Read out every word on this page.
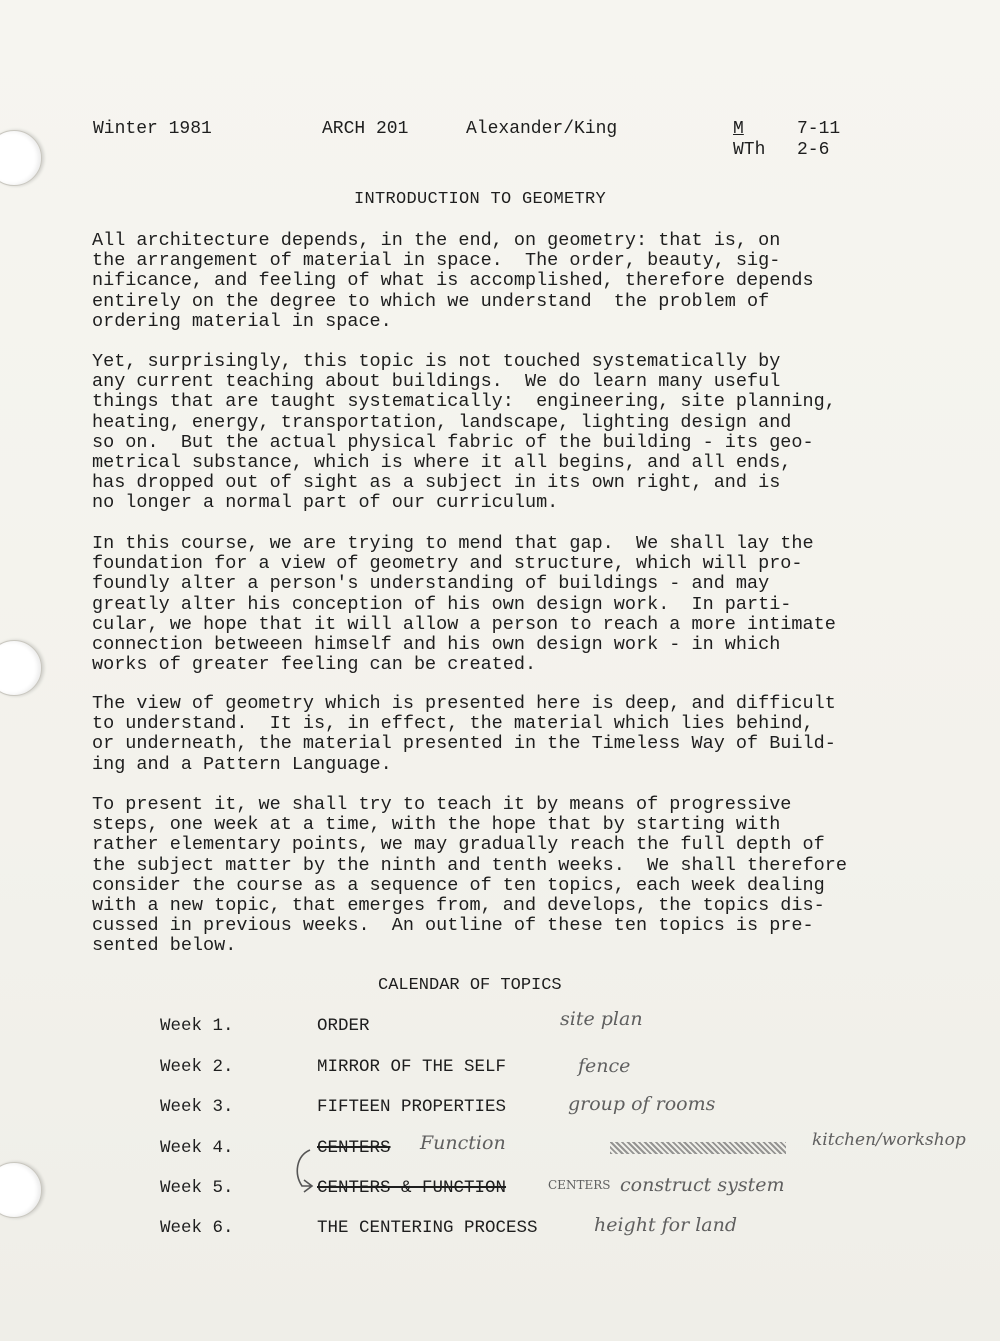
Winter 1981	ARCH 201	Alexander/King	M	7-11
WTh 2-6
INTRODUCTION TO GEOMETRY

All architecture depends, in the end, on geometry: that is, on
the arrangement of material in space.  The order, beauty, sig-
nificance, and feeling of what is accomplished, therefore depends
entirely on the degree to which we understand  the problem of
ordering material in space.

Yet, surprisingly, this topic is not touched systematically by
any current teaching about buildings.  We do learn many useful
things that are taught systematically:  engineering, site planning,
heating, energy, transportation, landscape, lighting design and
so on.  But the actual physical fabric of the building - its geo-
metrical substance, which is where it all begins, and all ends,
has dropped out of sight as a subject in its own right, and is
no longer a normal part of our curriculum.

In this course, we are trying to mend that gap.  We shall lay the
foundation for a view of geometry and structure, which will pro-
foundly alter a person's understanding of buildings - and may
greatly alter his conception of his own design work.  In parti-
cular, we hope that it will allow a person to reach a more intimate
connection betweeen himself and his own design work - in which
works of greater feeling can be created.

The view of geometry which is presented here is deep, and difficult
to understand.  It is, in effect, the material which lies behind,
or underneath, the material presented in the Timeless Way of Build-
ing and a Pattern Language.

To present it, we shall try to teach it by means of progressive
steps, one week at a time, with the hope that by starting with
rather elementary points, we may gradually reach the full depth of
the subject matter by the ninth and tenth weeks.  We shall therefore
consider the course as a sequence of ten topics, each week dealing
with a new topic, that emerges from, and develops, the topics dis-
cussed in previous weeks.  An outline of these ten topics is pre-
sented below.

CALENDAR OF TOPICS
Week 1.	ORDER	site plan
Week 2.	MIRROR OF THE SELF	fence
Week 3.	FIFTEEN PROPERTIES	group of rooms
Week 4.	CENTERS Function	kitchen/workshop
Week 5.	CENTERS & FUNCTION	CENTERS construct system
Week 6.	THE CENTERING PROCESS	height for land
